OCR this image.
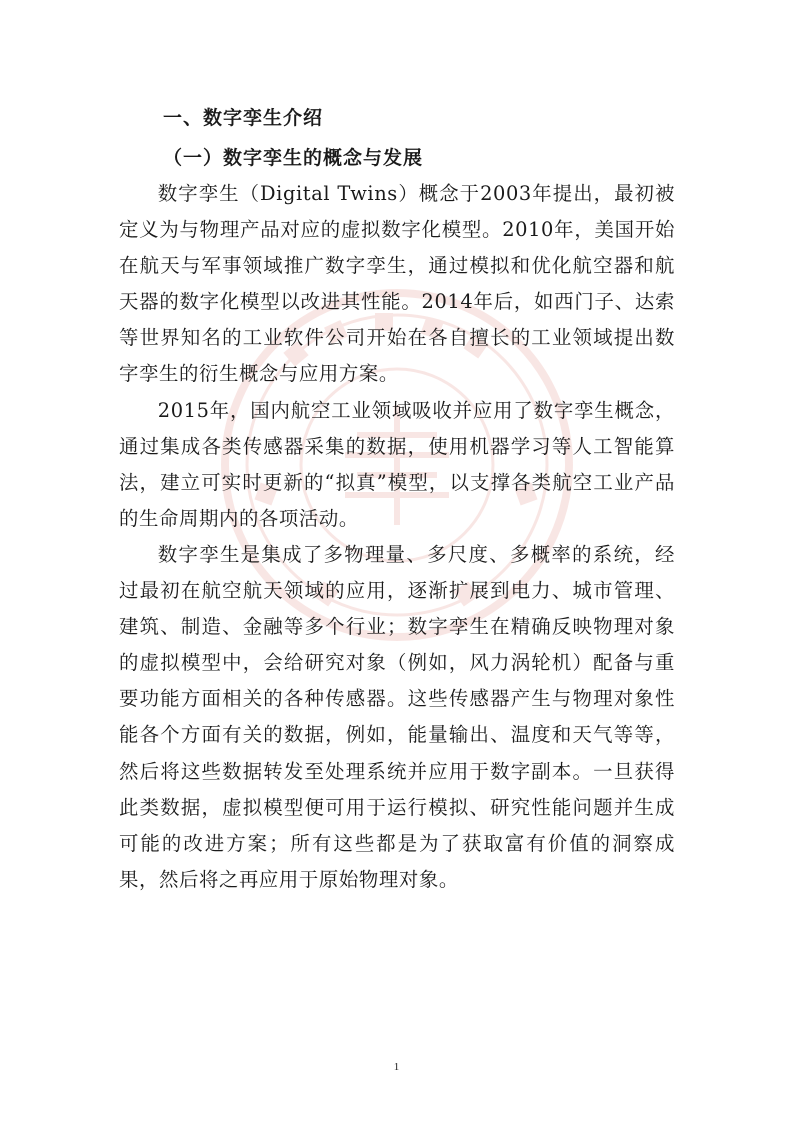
一、数字孪生介绍
（一）数字孪生的概念与发展

数字孪生（Digital Twins）概念于2003年提出，最初被定义为与物理产品对应的虚拟数字化模型。2010年，美国开始在航天与军事领域推广数字孪生，通过模拟和优化航空器和航天器的数字化模型以改进其性能。2014年后，如西门子、达索等世界知名的工业软件公司开始在各自擅长的工业领域提出数字孪生的衍生概念与应用方案。

2015年，国内航空工业领域吸收并应用了数字孪生概念，通过集成各类传感器采集的数据，使用机器学习等人工智能算法，建立可实时更新的“拟真”模型，以支撑各类航空工业产品的生命周期内的各项活动。

数字孪生是集成了多物理量、多尺度、多概率的系统，经过最初在航空航天领域的应用，逐渐扩展到电力、城市管理、建筑、制造、金融等多个行业；数字孪生在精确反映物理对象的虚拟模型中，会给研究对象（例如，风力涡轮机）配备与重要功能方面相关的各种传感器。这些传感器产生与物理对象性能各个方面有关的数据，例如，能量输出、温度和天气等等，然后将这些数据转发至处理系统并应用于数字副本。一旦获得此类数据，虚拟模型便可用于运行模拟、研究性能问题并生成可能的改进方案；所有这些都是为了获取富有价值的洞察成果，然后将之再应用于原始物理对象。

1
